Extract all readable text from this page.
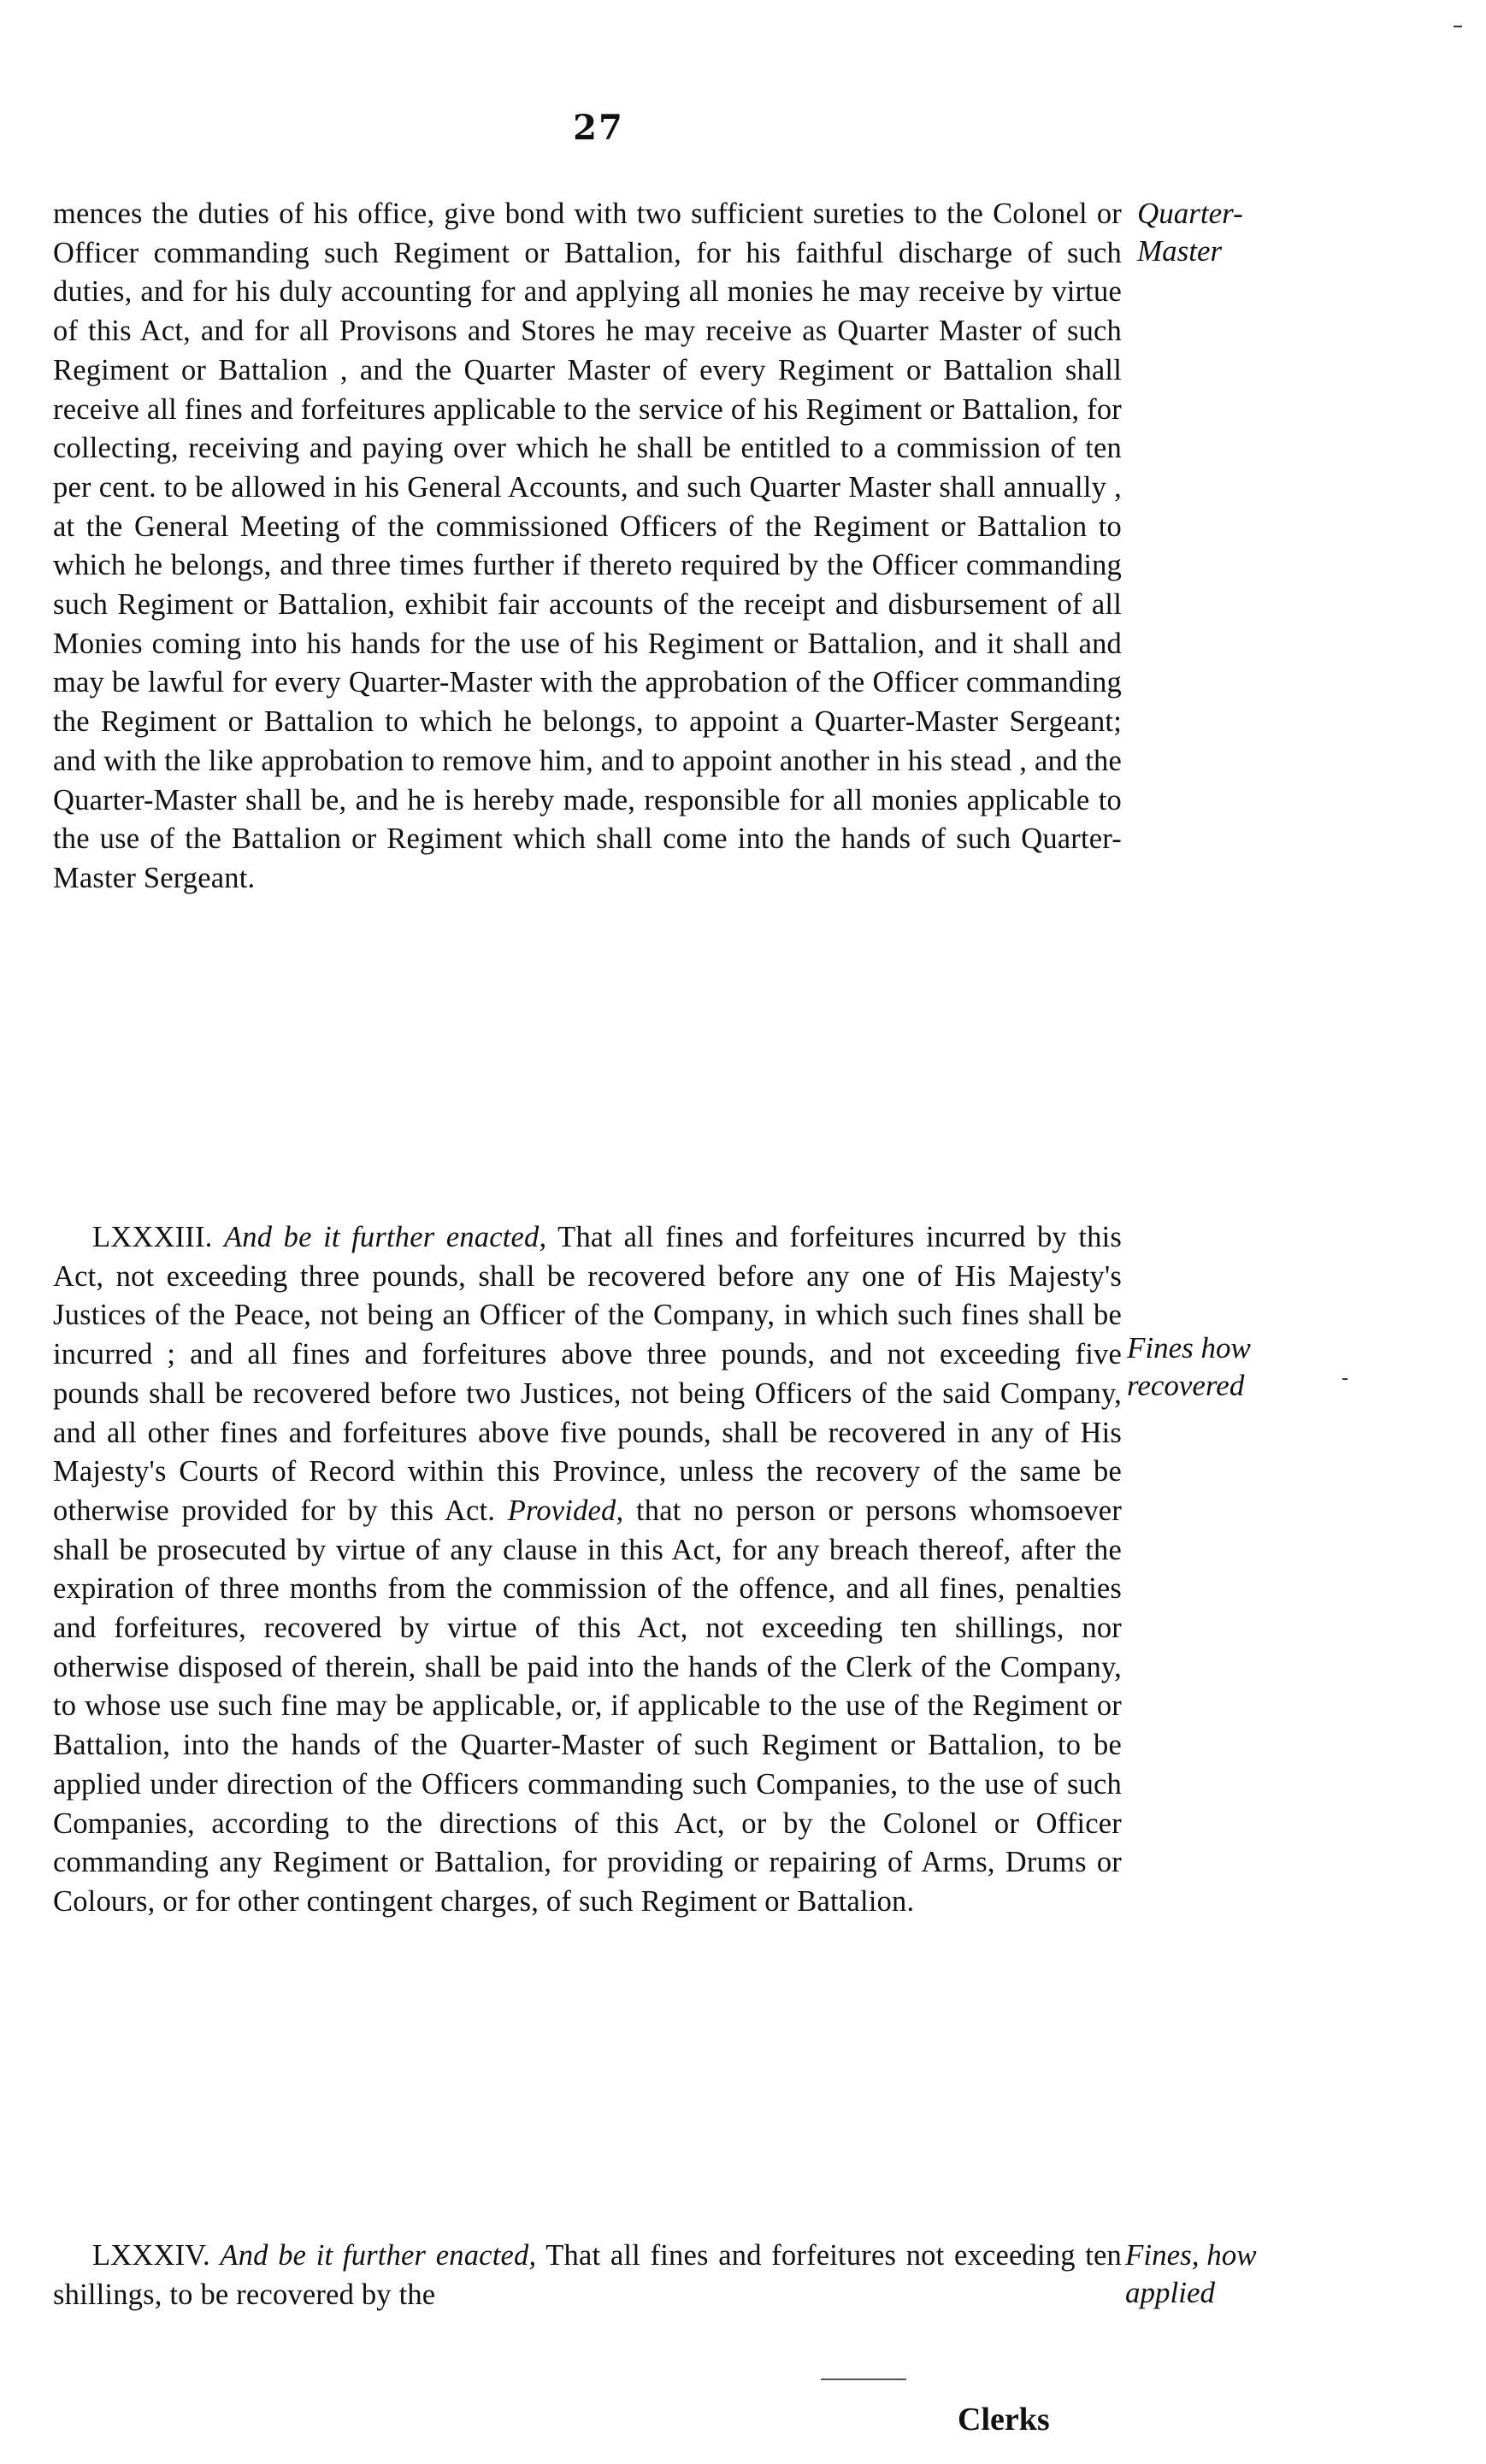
27
mences the duties of his office, give bond with two sufficient sureties to the Colonel or Officer commanding such Regiment or Battalion, for his faithful discharge of such duties, and for his duly accounting for and applying all monies he may receive by virtue of this Act, and for all Provisons and Stores he may receive as Quarter Master of such Regiment or Battalion , and the Quarter Master of every Regiment or Battalion shall receive all fines and forfeitures applicable to the service of his Regiment or Battalion, for collecting, receiving and paying over which he shall be entitled to a commission of ten per cent. to be allowed in his General Accounts, and such Quarter Master shall annually , at the General Meeting of the commissioned Officers of the Regiment or Battalion to which he belongs, and three times further if thereto required by the Officer commanding such Regiment or Battalion, exhibit fair accounts of the receipt and disbursement of all Monies coming into his hands for the use of his Regiment or Battalion, and it shall and may be lawful for every Quarter-Master with the approbation of the Officer commanding the Regiment or Battalion to which he belongs, to appoint a Quarter-Master Sergeant; and with the like approbation to remove him, and to appoint another in his stead , and the Quarter-Master shall be, and he is hereby made, responsible for all monies applicable to the use of the Battalion or Regiment which shall come into the hands of such Quarter-Master Sergeant.
Quarter-Master
LXXXIII. And be it further enacted, That all fines and forfeitures incurred by this Act, not exceeding three pounds, shall be recovered before any one of His Majesty's Justices of the Peace, not being an Officer of the Company, in which such fines shall be incurred ; and all fines and forfeitures above three pounds, and not exceeding five pounds shall be recovered before two Justices, not being Officers of the said Company, and all other fines and forfeitures above five pounds, shall be recovered in any of His Majesty's Courts of Record within this Province, unless the recovery of the same be otherwise provided for by this Act. Provided, that no person or persons whomsoever shall be prosecuted by virtue of any clause in this Act, for any breach thereof, after the expiration of three months from the commission of the offence, and all fines, penalties and forfeitures, recovered by virtue of this Act, not exceeding ten shillings, nor otherwise disposed of therein, shall be paid into the hands of the Clerk of the Company, to whose use such fine may be applicable, or, if applicable to the use of the Regiment or Battalion, into the hands of the Quarter-Master of such Regiment or Battalion, to be applied under direction of the Officers commanding such Companies, to the use of such Companies, according to the directions of this Act, or by the Colonel or Officer commanding any Regiment or Battalion, for providing or repairing of Arms, Drums or Colours, or for other contingent charges, of such Regiment or Battalion.
Fines how recovered
LXXXIV. And be it further enacted, That all fines and forfeitures not exceeding ten shillings, to be recovered by the
Fines, how applied
Clerks
